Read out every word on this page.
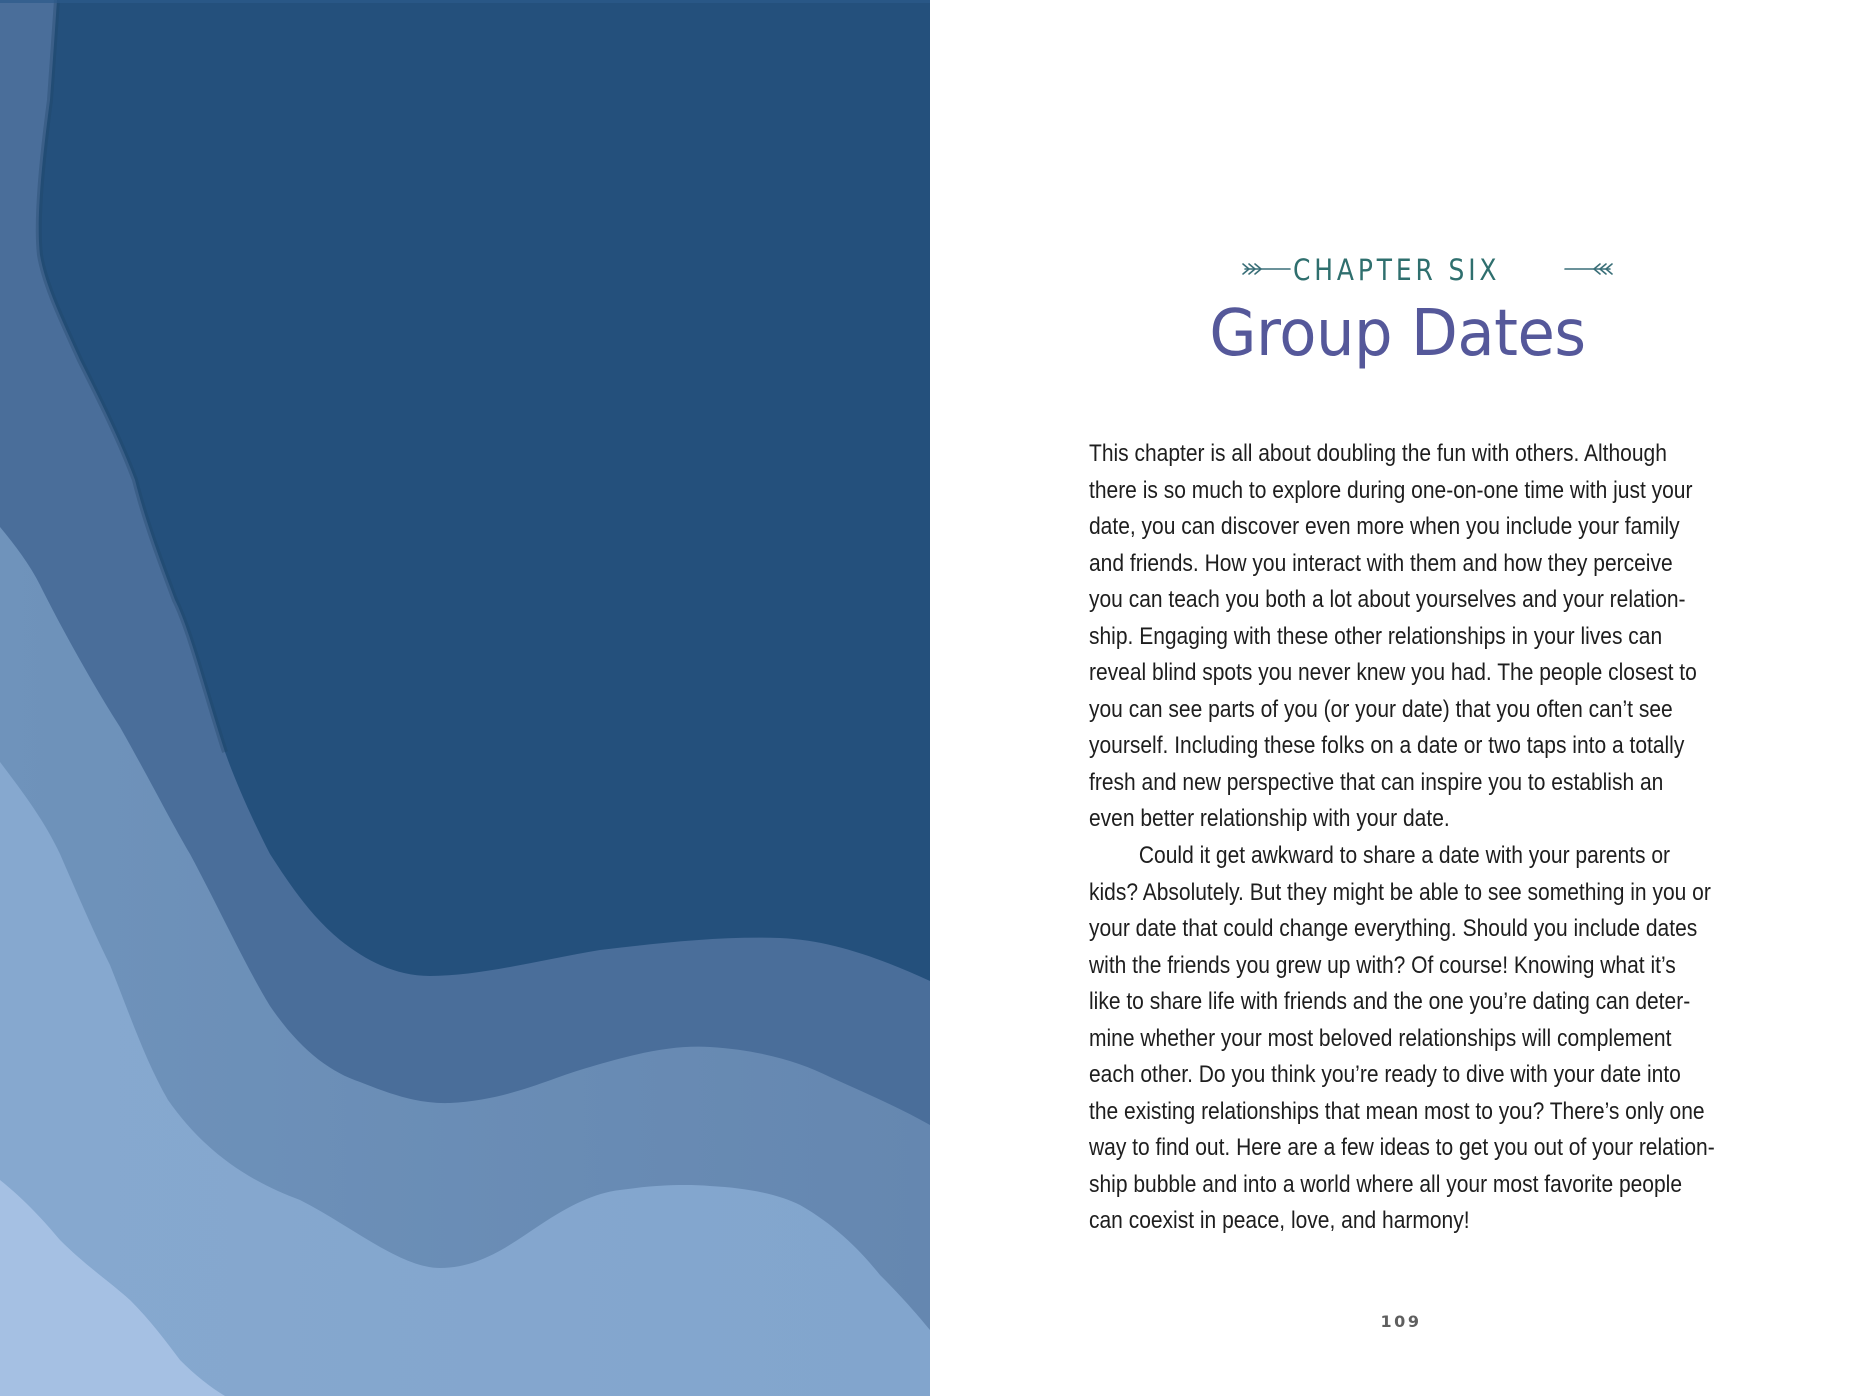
CHAPTER SIX
Group Dates
This chapter is all about doubling the fun with others. Although
there is so much to explore during one-on-one time with just your
date, you can discover even more when you include your family
and friends. How you interact with them and how they perceive
you can teach you both a lot about yourselves and your relation-
ship. Engaging with these other relationships in your lives can
reveal blind spots you never knew you had. The people closest to
you can see parts of you (or your date) that you often can’t see
yourself. Including these folks on a date or two taps into a totally
fresh and new perspective that can inspire you to establish an
even better relationship with your date.
Could it get awkward to share a date with your parents or
kids? Absolutely. But they might be able to see something in you or
your date that could change everything. Should you include dates
with the friends you grew up with? Of course! Knowing what it’s
like to share life with friends and the one you’re dating can deter-
mine whether your most beloved relationships will complement
each other. Do you think you’re ready to dive with your date into
the existing relationships that mean most to you? There’s only one
way to find out. Here are a few ideas to get you out of your relation-
ship bubble and into a world where all your most favorite people
can coexist in peace, love, and harmony!
109
